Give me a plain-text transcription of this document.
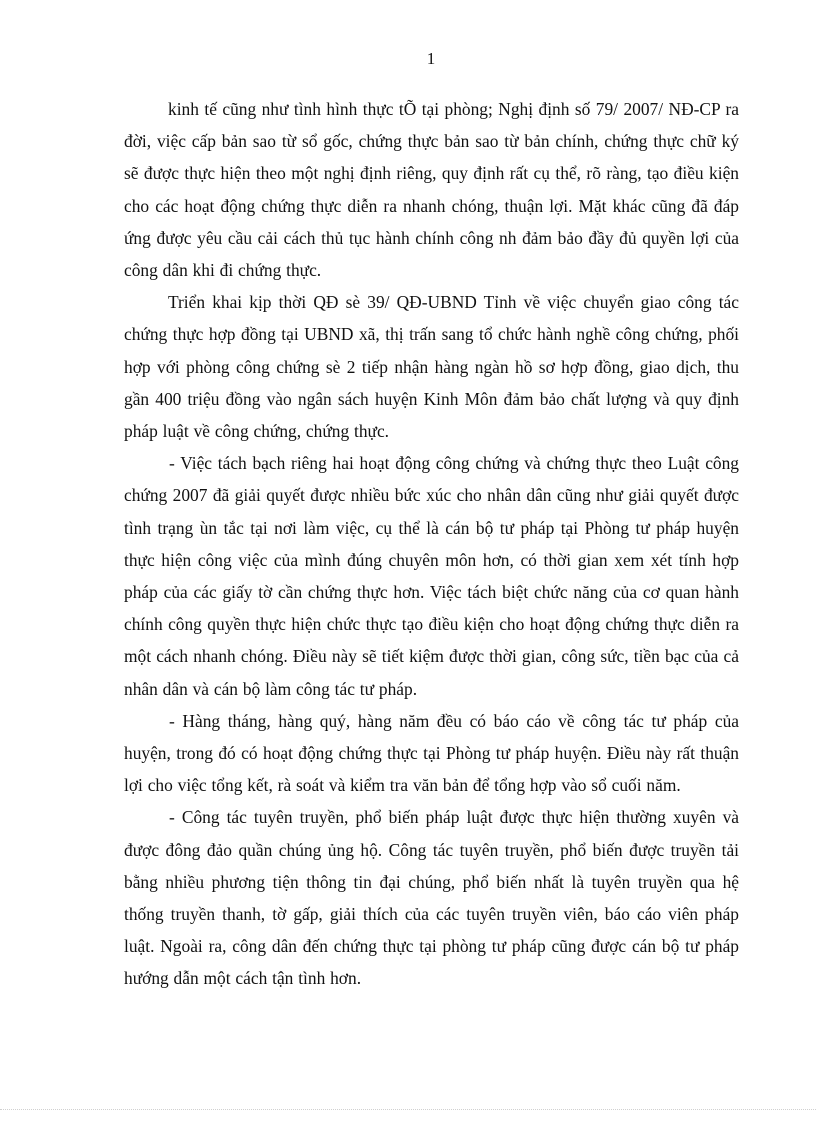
1

kinh tế cũng như tình hình thực tÕ tại phòng; Nghị định số 79/ 2007/ NĐ-CP ra đời, việc cấp bản sao từ sổ gốc, chứng thực bản sao từ bản chính, chứng thực chữ ký sẽ được thực hiện theo một nghị định riêng, quy định rất cụ thể, rõ ràng, tạo điều kiện cho các hoạt động chứng thực diễn ra nhanh chóng, thuận lợi. Mặt khác cũng đã đáp ứng được yêu cầu cải cách thủ tục hành chính công nh đảm bảo đầy đủ quyền lợi của công dân khi đi chứng thực.

Triển khai kịp thời QĐ sè 39/ QĐ-UBND Tỉnh về việc chuyển giao công tác chứng thực hợp đồng tại UBND xã, thị trấn sang tổ chức hành nghề công chứng, phối hợp với phòng công chứng sè 2 tiếp nhận hàng ngàn hồ sơ hợp đồng, giao dịch, thu gần 400 triệu đồng vào ngân sách huyện Kinh Môn đảm bảo chất lượng và quy định pháp luật về công chứng, chứng thực.

- Việc tách bạch riêng hai hoạt động công chứng và chứng thực theo Luật công chứng 2007 đã giải quyết được nhiều bức xúc cho nhân dân cũng như giải quyết được tình trạng ùn tắc tại nơi làm việc, cụ thể là cán bộ tư pháp tại Phòng tư pháp huyện thực hiện công việc của mình đúng chuyên môn hơn, có thời gian xem xét tính hợp pháp của các giấy tờ cần chứng thực hơn. Việc tách biệt chức năng của cơ quan hành chính công quyền thực hiện chức thực tạo điều kiện cho hoạt động chứng thực diễn ra một cách nhanh chóng. Điều này sẽ tiết kiệm được thời gian, công sức, tiền bạc của cả nhân dân và cán bộ làm công tác tư pháp.

- Hàng tháng, hàng quý, hàng năm đều có báo cáo về công tác tư pháp của huyện, trong đó có hoạt động chứng thực tại Phòng tư pháp huyện. Điều này rất thuận lợi cho việc tổng kết, rà soát và kiểm tra văn bản để tổng hợp vào sổ cuối năm.

- Công tác tuyên truyền, phổ biến pháp luật được thực hiện thường xuyên và được đông đảo quần chúng ủng hộ. Công tác tuyên truyền, phổ biến được truyền tải bằng nhiều phương tiện thông tin đại chúng, phổ biến nhất là tuyên truyền qua hệ thống truyền thanh, tờ gấp, giải thích của các tuyên truyền viên, báo cáo viên pháp luật. Ngoài ra, công dân đến chứng thực tại phòng tư pháp cũng được cán bộ tư pháp hướng dẫn một cách tận tình hơn.
